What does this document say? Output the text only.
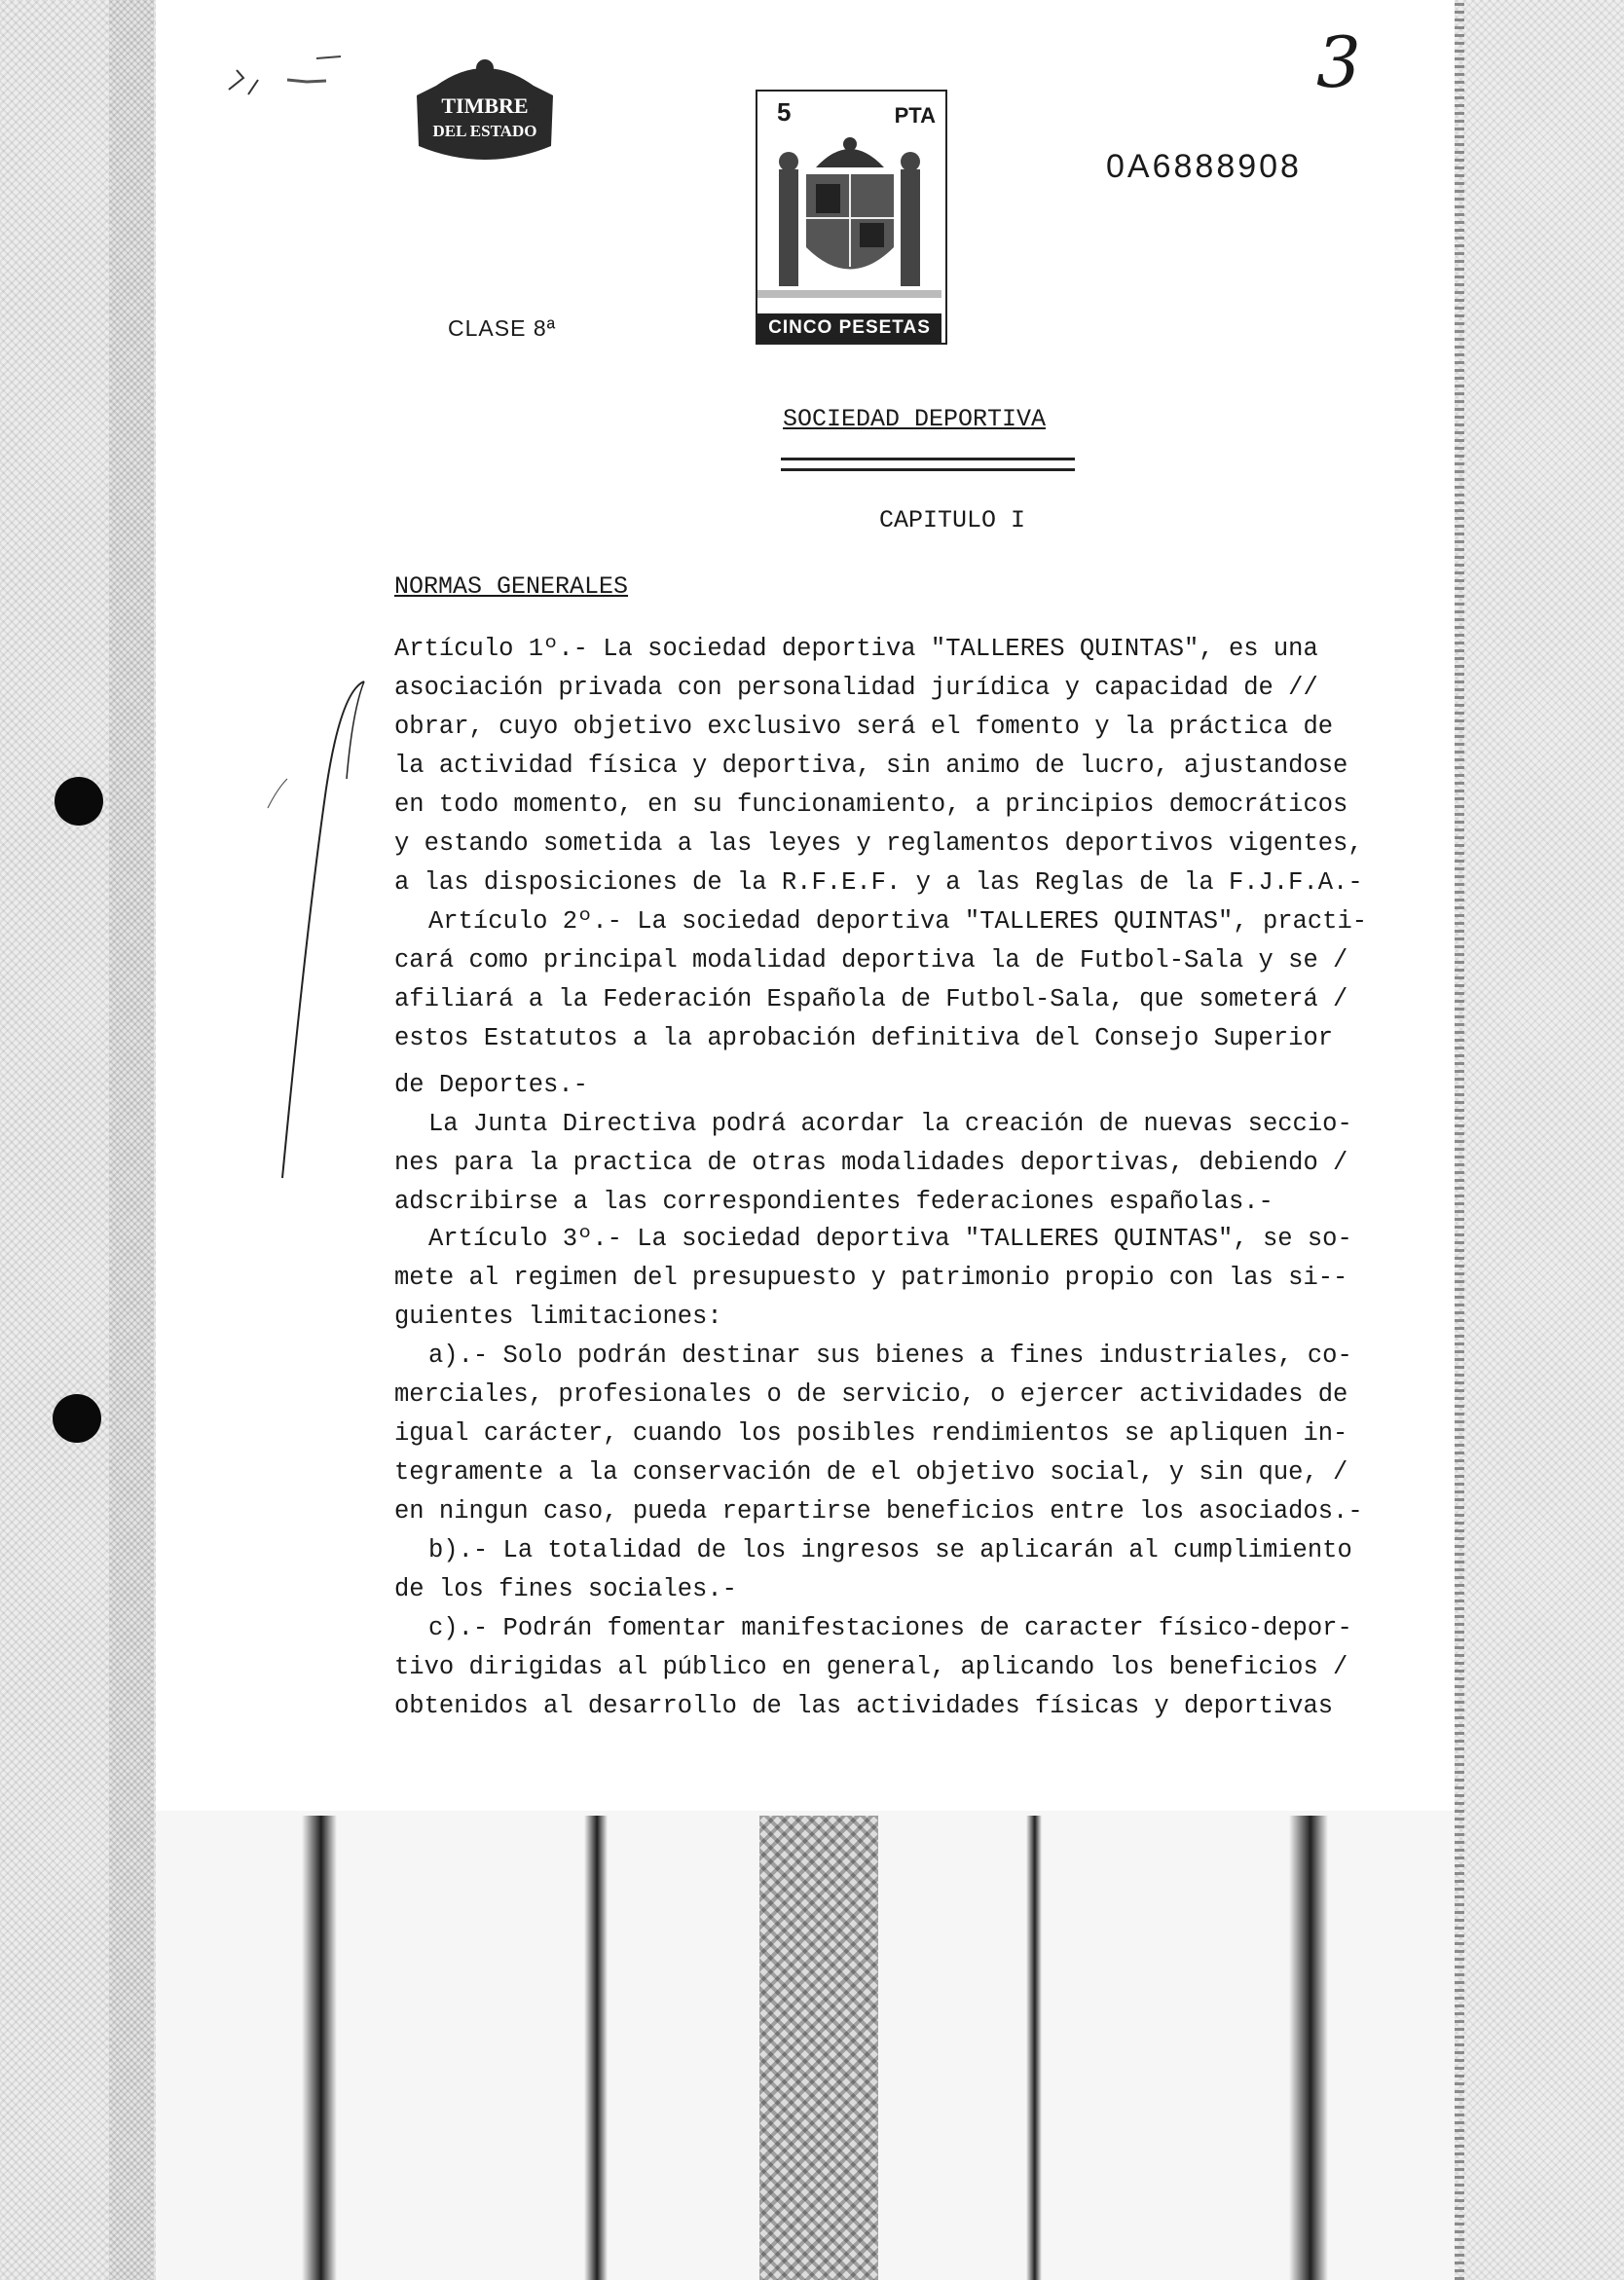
TIMBRE
DEL ESTADO
CLASE 8ª
5	PTA
CINCO PESETAS
0A6888908
3
SOCIEDAD DEPORTIVA
CAPITULO I
NORMAS GENERALES
Artículo 1º.- La sociedad deportiva "TALLERES QUINTAS", es una
asociación privada con personalidad jurídica y capacidad de //
obrar, cuyo objetivo exclusivo será el fomento y la práctica de
la actividad física y deportiva, sin animo de lucro, ajustandose
en todo momento, en su funcionamiento, a principios democráticos
y estando sometida a las leyes y reglamentos deportivos vigentes,
a las disposiciones de la R.F.E.F. y a las Reglas de la F.J.F.A.-
Artículo 2º.- La sociedad deportiva "TALLERES QUINTAS", practi-
cará como principal modalidad deportiva la de Futbol-Sala y se /
afiliará a la Federación Española de Futbol-Sala, que someterá /
estos Estatutos a la aprobación definitiva del Consejo Superior
de Deportes.-
La Junta Directiva podrá acordar la creación de nuevas seccio-
nes para la practica de otras modalidades deportivas, debiendo /
adscribirse a las correspondientes federaciones españolas.-
Artículo 3º.- La sociedad deportiva "TALLERES QUINTAS", se so-
mete al regimen del presupuesto y patrimonio propio con las si--
guientes limitaciones:
a).- Solo podrán destinar sus bienes a fines industriales, co-
merciales, profesionales o de servicio, o ejercer actividades de
igual carácter, cuando los posibles rendimientos se apliquen in-
tegramente a la conservación de el objetivo social, y sin que, /
en ningun caso, pueda repartirse beneficios entre los asociados.-
b).- La totalidad de los ingresos se aplicarán al cumplimiento
de los fines sociales.-
c).- Podrán fomentar manifestaciones de caracter físico-depor-
tivo dirigidas al público en general, aplicando los beneficios /
obtenidos al desarrollo de las actividades físicas y deportivas
